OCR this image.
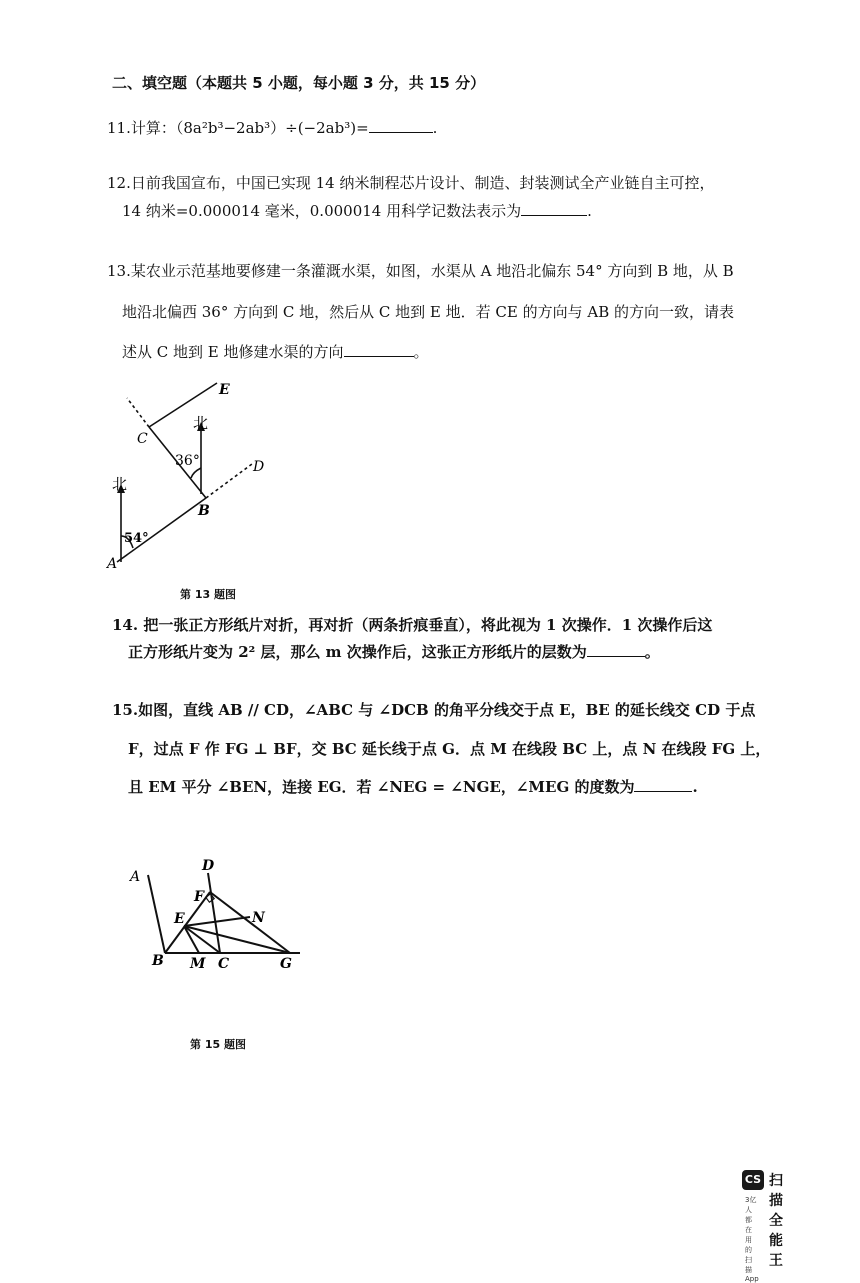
二、填空题（本题共 5 小题，每小题 3 分，共 15 分）
11.计算：（8a²b³−2ab³）÷(−2ab³)=	.
12.日前我国宣布，中国已实现 14 纳米制程芯片设计、制造、封装测试全产业链自主可控，
14 纳米=0.000014 毫米，0.000014 用科学记数法表示为	.
13.某农业示范基地要修建一条灌溉水渠，如图，水渠从 A 地沿北偏东 54° 方向到 B 地，从 B
地沿北偏西 36° 方向到 C 地，然后从 C 地到 E 地．若 CE 的方向与 AB 的方向一致，请表
述从 C 地到 E 地修建水渠的方向	。
E
C
D
B
A
北
北
36°
54°
第 13 题图
14. 把一张正方形纸片对折，再对折（两条折痕垂直），将此视为 1 次操作．1 次操作后这
正方形纸片变为 2² 层，那么 m 次操作后，这张正方形纸片的层数为	。
15.如图，直线 AB // CD，∠ABC 与 ∠DCB 的角平分线交于点 E，BE 的延长线交 CD 于点
F，过点 F 作 FG ⊥ BF，交 BC 延长线于点 G．点 M 在线段 BC 上，点 N 在线段 FG 上，
且 EM 平分 ∠BEN，连接 EG．若 ∠NEG = ∠NGE，∠MEG 的度数为	.
A
D
F
E	N
B M C	G
第 15 题图
CS 扫描全能王
3亿人都在用的扫描App
